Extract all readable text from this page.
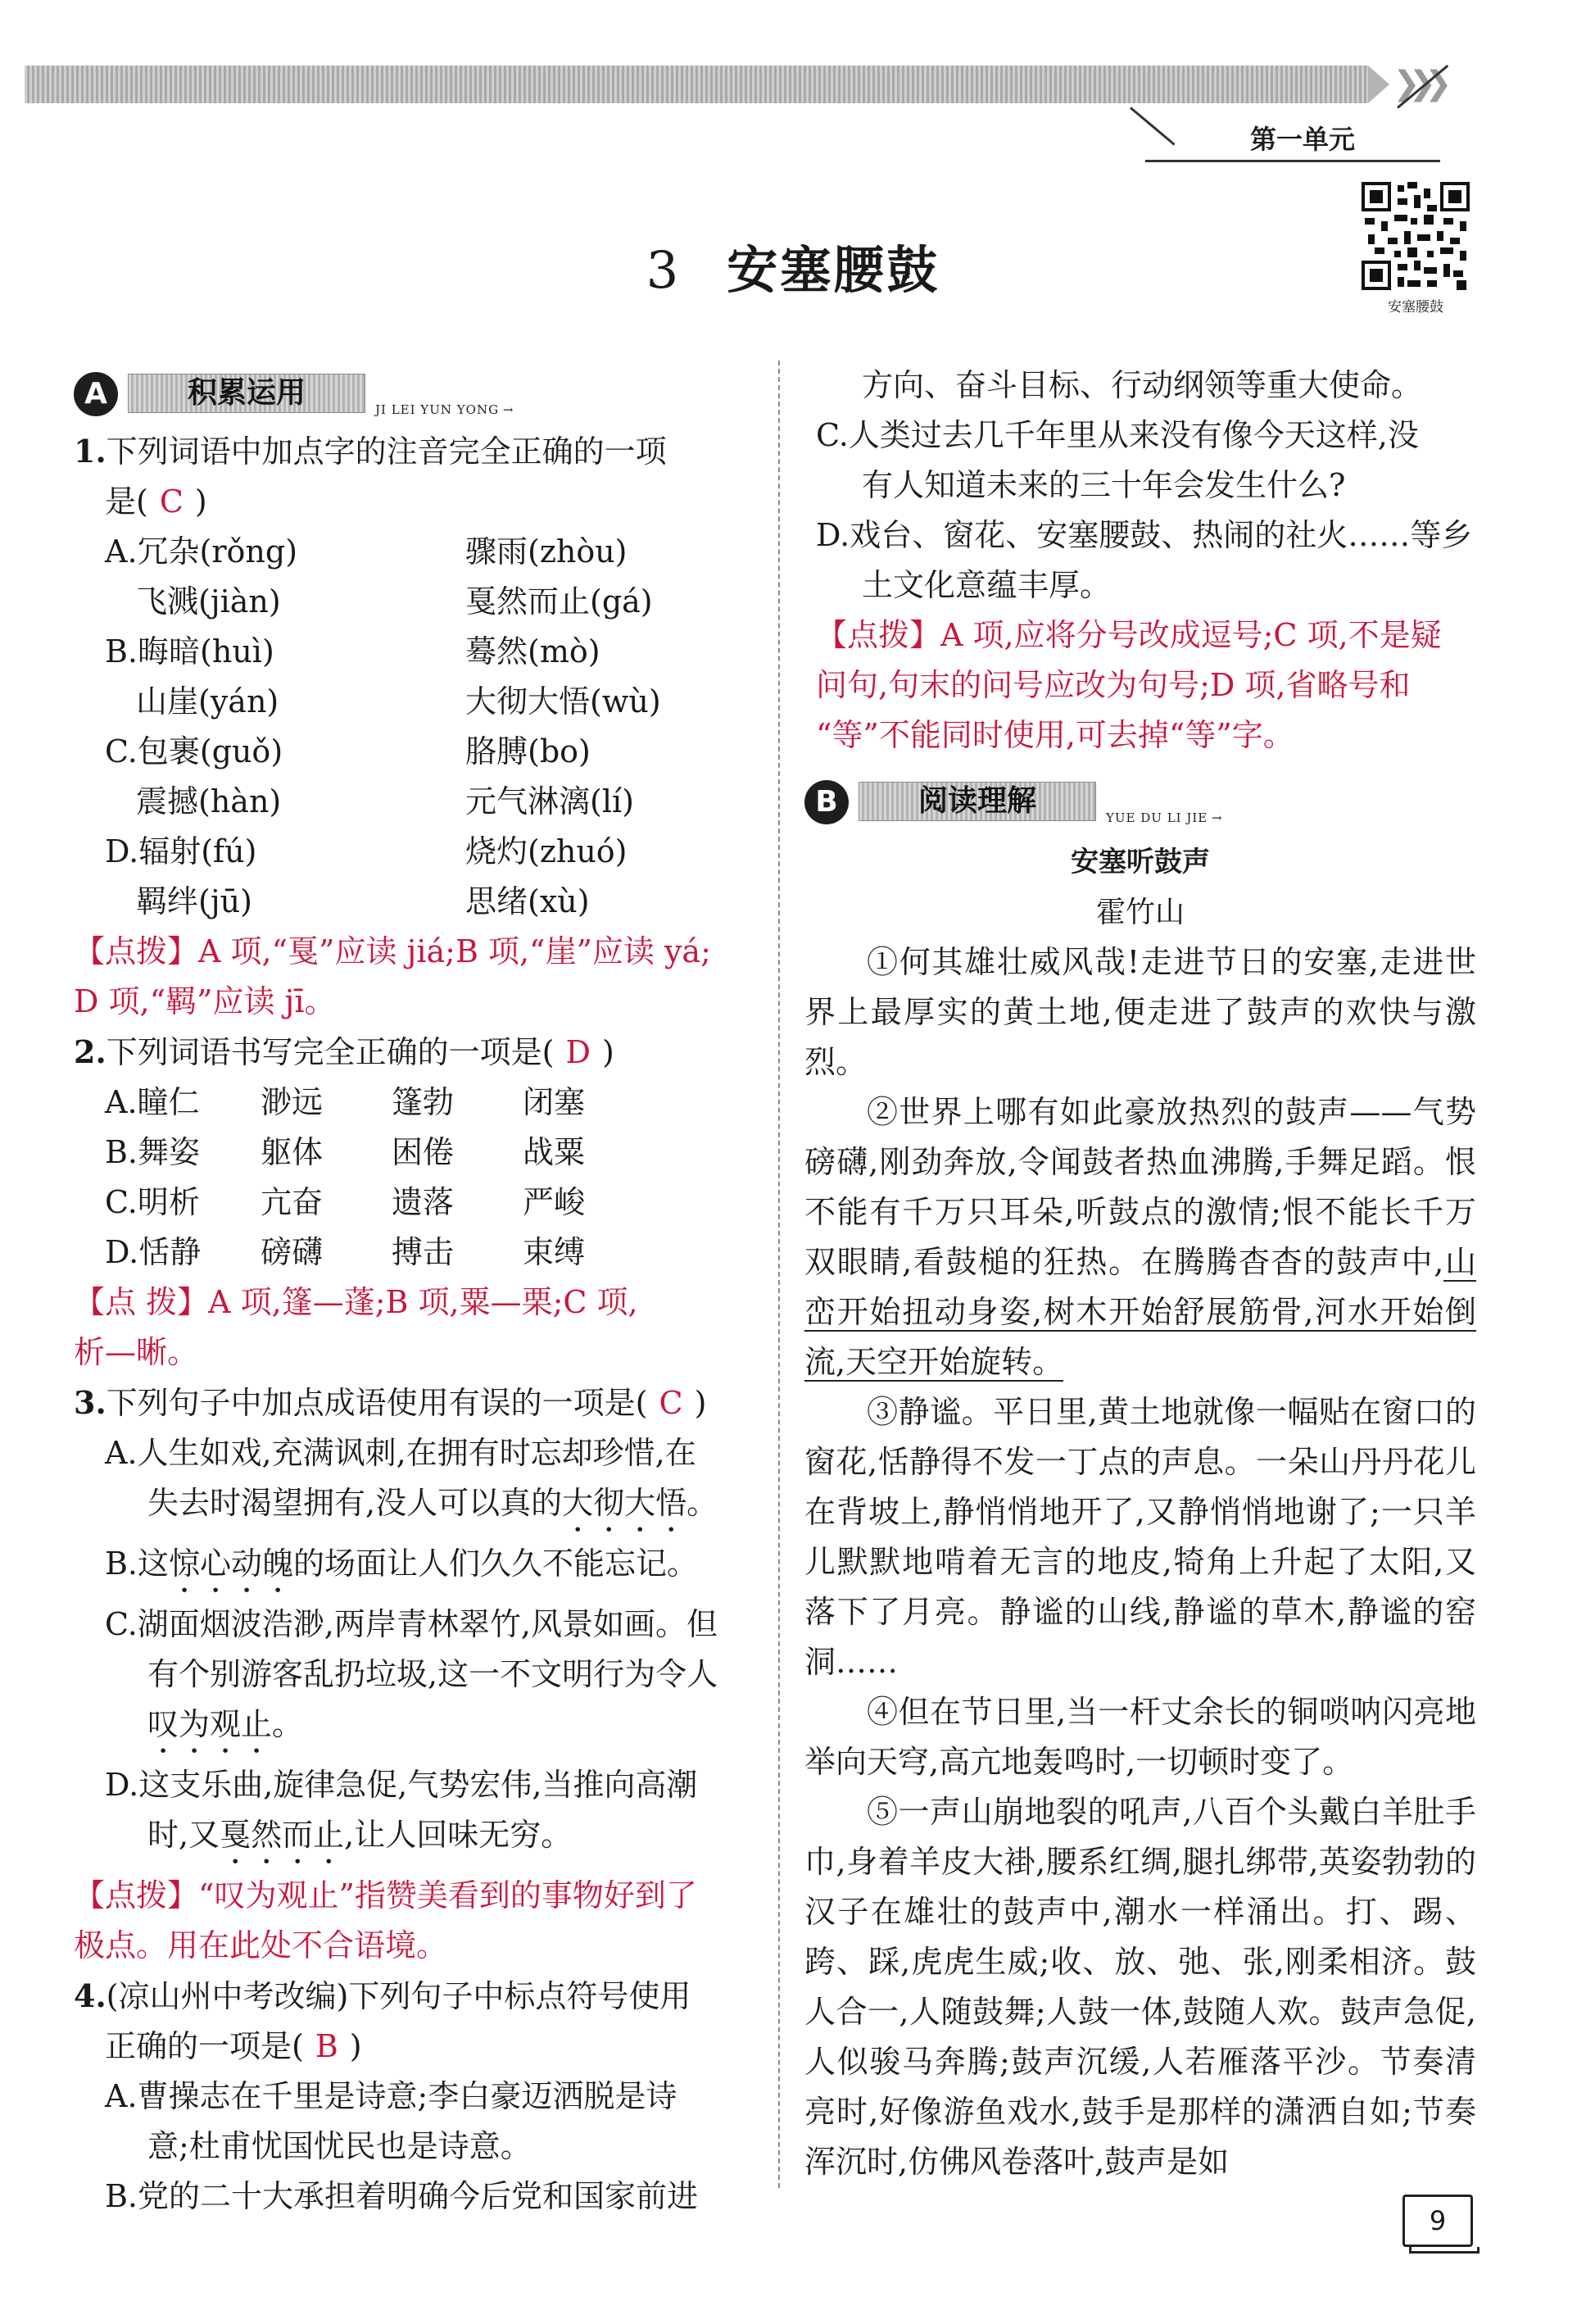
❯❯❯
第一单元
安塞腰鼓
3 安塞腰鼓
A	积累运用	JI LEI YUN YONG →
1.下列词语中加点字的注音完全正确的一项
是( C )
A.冗杂(rǒng)	骤雨(zhòu)
飞溅(jiàn)	戛然而止(gá)
B.晦暗(huì)	蓦然(mò)
山崖(yán)	大彻大悟(wù)
C.包裹(guǒ)	胳膊(bo)
震撼(hàn)	元气淋漓(lí)
D.辐射(fú)	烧灼(zhuó)
羁绊(jū)	思绪(xù)
【点拨】A 项,“戛”应读 jiá;B 项,“崖”应读 yá;
D 项,“羁”应读 jī。
2.下列词语书写完全正确的一项是( D )
A.瞳仁	渺远	篷勃	闭塞
B.舞姿	躯体	困倦	战粟
C.明析	亢奋	遗落	严峻
D.恬静	磅礴	搏击	束缚
【点 拨】A 项,篷—蓬;B 项,粟—栗;C 项,
析—晰。
3.下列句子中加点成语使用有误的一项是( C )
A.人生如戏,充满讽刺,在拥有时忘却珍惜,在
失去时渴望拥有,没人可以真的大彻大悟。
B.这惊心动魄的场面让人们久久不能忘记。
C.湖面烟波浩渺,两岸青林翠竹,风景如画。但
有个别游客乱扔垃圾,这一不文明行为令人
叹为观止。
D.这支乐曲,旋律急促,气势宏伟,当推向高潮
时,又戛然而止,让人回味无穷。
【点拨】“叹为观止”指赞美看到的事物好到了
极点。用在此处不合语境。
4.(凉山州中考改编)下列句子中标点符号使用
正确的一项是( B )
A.曹操志在千里是诗意;李白豪迈洒脱是诗
意;杜甫忧国忧民也是诗意。
B.党的二十大承担着明确今后党和国家前进
方向、奋斗目标、行动纲领等重大使命。
C.人类过去几千年里从来没有像今天这样,没
有人知道未来的三十年会发生什么?
D.戏台、窗花、安塞腰鼓、热闹的社火……等乡
土文化意蕴丰厚。
【点拨】A 项,应将分号改成逗号;C 项,不是疑
问句,句末的问号应改为句号;D 项,省略号和
“等”不能同时使用,可去掉“等”字。
B	阅读理解	YUE DU LI JIE →
安塞听鼓声
霍竹山
①何其雄壮威风哉!走进节日的安塞,走进世界上最厚实的黄土地,便走进了鼓声的欢快与激烈。
②世界上哪有如此豪放热烈的鼓声——气势磅礴,刚劲奔放,令闻鼓者热血沸腾,手舞足蹈。恨不能有千万只耳朵,听鼓点的激情;恨不能长千万双眼睛,看鼓槌的狂热。在腾腾杳杳的鼓声中,山峦开始扭动身姿,树木开始舒展筋骨,河水开始倒流,天空开始旋转。
③静谧。平日里,黄土地就像一幅贴在窗口的窗花,恬静得不发一丁点的声息。一朵山丹丹花儿在背坡上,静悄悄地开了,又静悄悄地谢了;一只羊儿默默地啃着无言的地皮,犄角上升起了太阳,又落下了月亮。静谧的山线,静谧的草木,静谧的窑洞……
④但在节日里,当一杆丈余长的铜唢呐闪亮地举向天穹,高亢地轰鸣时,一切顿时变了。
⑤一声山崩地裂的吼声,八百个头戴白羊肚手巾,身着羊皮大褂,腰系红绸,腿扎绑带,英姿勃勃的汉子在雄壮的鼓声中,潮水一样涌出。打、踢、跨、踩,虎虎生威;收、放、弛、张,刚柔相济。鼓人合一,人随鼓舞;人鼓一体,鼓随人欢。鼓声急促,人似骏马奔腾;鼓声沉缓,人若雁落平沙。节奏清亮时,好像游鱼戏水,鼓手是那样的潇洒自如;节奏浑沉时,仿佛风卷落叶,鼓声是如
9
